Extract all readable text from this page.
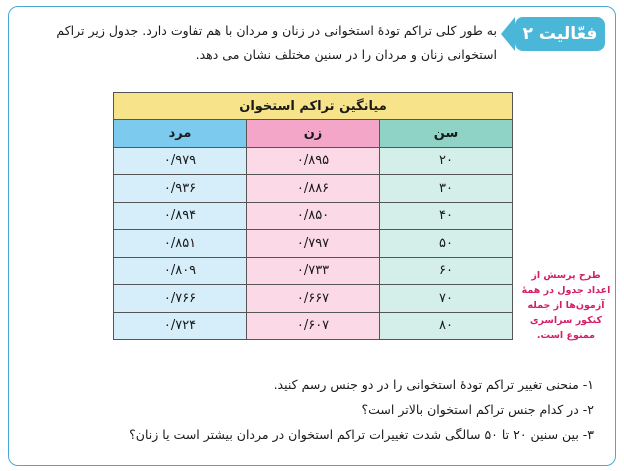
فعّالیت ۲
به طور کلی تراکم تودهٔ استخوانی در زنان و مردان با هم تفاوت دارد. جدول زیر تراکم استخوانی زنان و مردان را در سنین مختلف نشان می دهد.
میانگین تراکم استخوان		
سن	زن	مرد
۲۰	۰/۸۹۵	۰/۹۷۹
۳۰	۰/۸۸۶	۰/۹۳۶
۴۰	۰/۸۵۰	۰/۸۹۴
۵۰	۰/۷۹۷	۰/۸۵۱
۶۰	۰/۷۳۳	۰/۸۰۹
۷۰	۰/۶۶۷	۰/۷۶۶
۸۰	۰/۶۰۷	۰/۷۲۴
طرح پرسش از اعداد جدول در همهٔ آزمون‌ها از جمله کنکور سراسری ممنوع است.
۱- منحنی تغییر تراکم تودهٔ استخوانی را در دو جنس رسم کنید.
۲- در کدام جنس تراکم استخوان بالاتر است؟
۳- بین سنین ۲۰ تا ۵۰ سالگی شدت تغییرات تراکم استخوان در مردان بیشتر است یا زنان؟
